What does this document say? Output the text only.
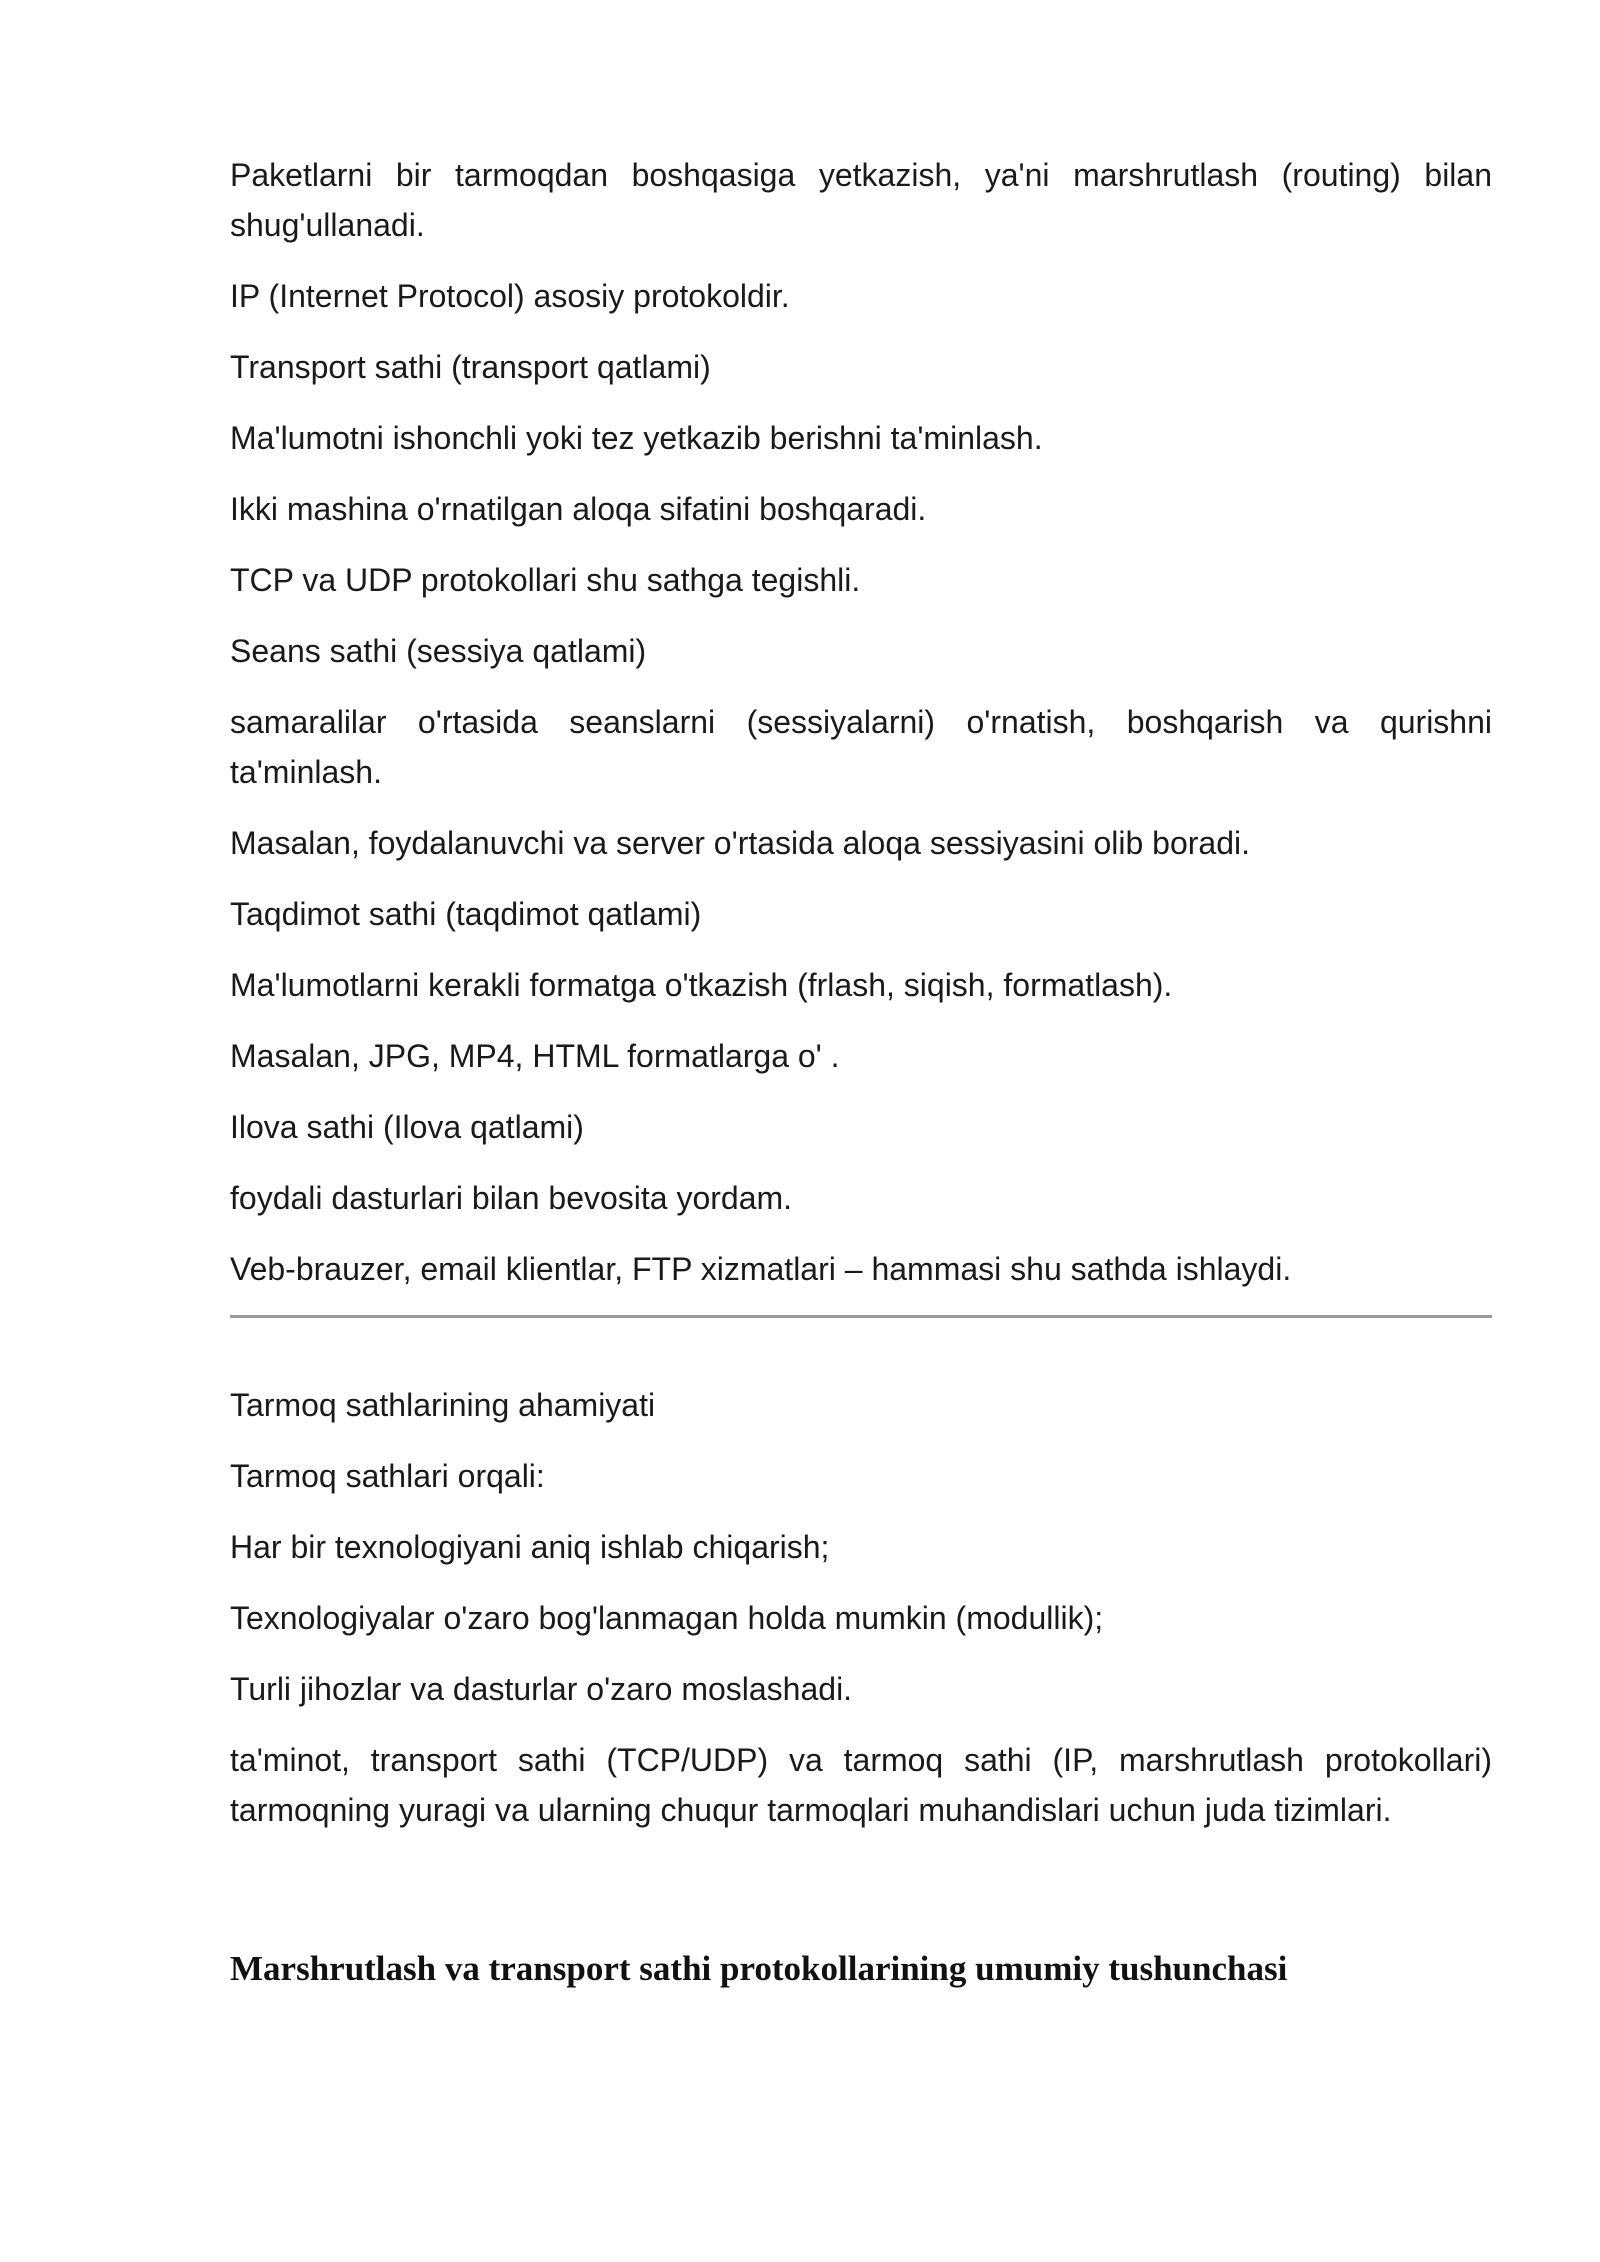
Paketlarni bir tarmoqdan boshqasiga yetkazish, ya'ni marshrutlash (routing) bilan shug'ullanadi.

IP (Internet Protocol) asosiy protokoldir.

Transport sathi (transport qatlami)

Ma'lumotni ishonchli yoki tez yetkazib berishni ta'minlash.

Ikki mashina o'rnatilgan aloqa sifatini boshqaradi.

TCP va UDP protokollari shu sathga tegishli.

Seans sathi (sessiya qatlami)

samaralilar o'rtasida seanslarni (sessiyalarni) o'rnatish, boshqarish va qurishni ta'minlash.

Masalan, foydalanuvchi va server o'rtasida aloqa sessiyasini olib boradi.

Taqdimot sathi (taqdimot qatlami)

Ma'lumotlarni kerakli formatga o'tkazish (frlash, siqish, formatlash).

Masalan, JPG, MP4, HTML formatlarga o' .

Ilova sathi (Ilova qatlami)

foydali dasturlari bilan bevosita yordam.

Veb-brauzer, email klientlar, FTP xizmatlari – hammasi shu sathda ishlaydi.

Tarmoq sathlarining ahamiyati

Tarmoq sathlari orqali:

Har bir texnologiyani aniq ishlab chiqarish;

Texnologiyalar o'zaro bog'lanmagan holda mumkin (modullik);

Turli jihozlar va dasturlar o'zaro moslashadi.

ta'minot, transport sathi (TCP/UDP) va tarmoq sathi (IP, marshrutlash protokollari) tarmoqning yuragi va ularning chuqur tarmoqlari muhandislari uchun juda tizimlari.

Marshrutlash va transport sathi protokollarining umumiy tushunchasi
